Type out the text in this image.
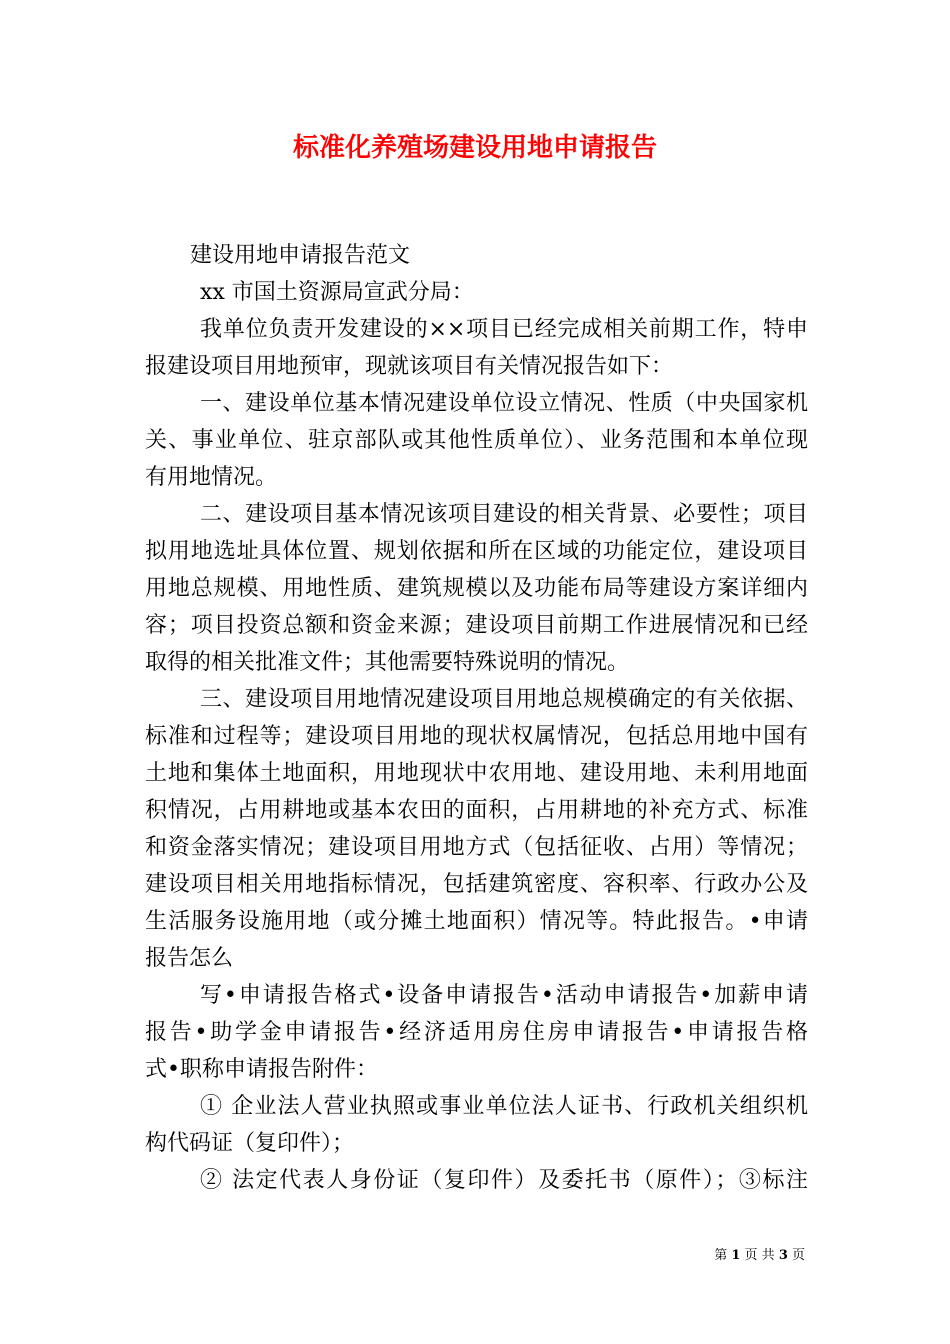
标准化养殖场建设用地申请报告

建设用地申请报告范文

xx 市国土资源局宣武分局：

我单位负责开发建设的××项目已经完成相关前期工作，特申

报建设项目用地预审，现就该项目有关情况报告如下：

一、建设单位基本情况建设单位设立情况、性质（中央国家机

关、事业单位、驻京部队或其他性质单位）、业务范围和本单位现

有用地情况。

二、建设项目基本情况该项目建设的相关背景、必要性；项目

拟用地选址具体位置、规划依据和所在区域的功能定位，建设项目

用地总规模、用地性质、建筑规模以及功能布局等建设方案详细内

容；项目投资总额和资金来源；建设项目前期工作进展情况和已经

取得的相关批准文件；其他需要特殊说明的情况。

三、建设项目用地情况建设项目用地总规模确定的有关依据、

标准和过程等；建设项目用地的现状权属情况，包括总用地中国有

土地和集体土地面积，用地现状中农用地、建设用地、未利用地面

积情况，占用耕地或基本农田的面积，占用耕地的补充方式、标准

和资金落实情况；建设项目用地方式（包括征收、占用）等情况；

建设项目相关用地指标情况，包括建筑密度、容积率、行政办公及

生活服务设施用地（或分摊土地面积）情况等。特此报告。•申请

报告怎么

写•申请报告格式•设备申请报告•活动申请报告•加薪申请

报告•助学金申请报告•经济适用房住房申请报告•申请报告格

式•职称申请报告附件：

① 企业法人营业执照或事业单位法人证书、行政机关组织机

构代码证（复印件）；

② 法定代表人身份证（复印件）及委托书（原件）；③标注

第 1 页 共 3 页
